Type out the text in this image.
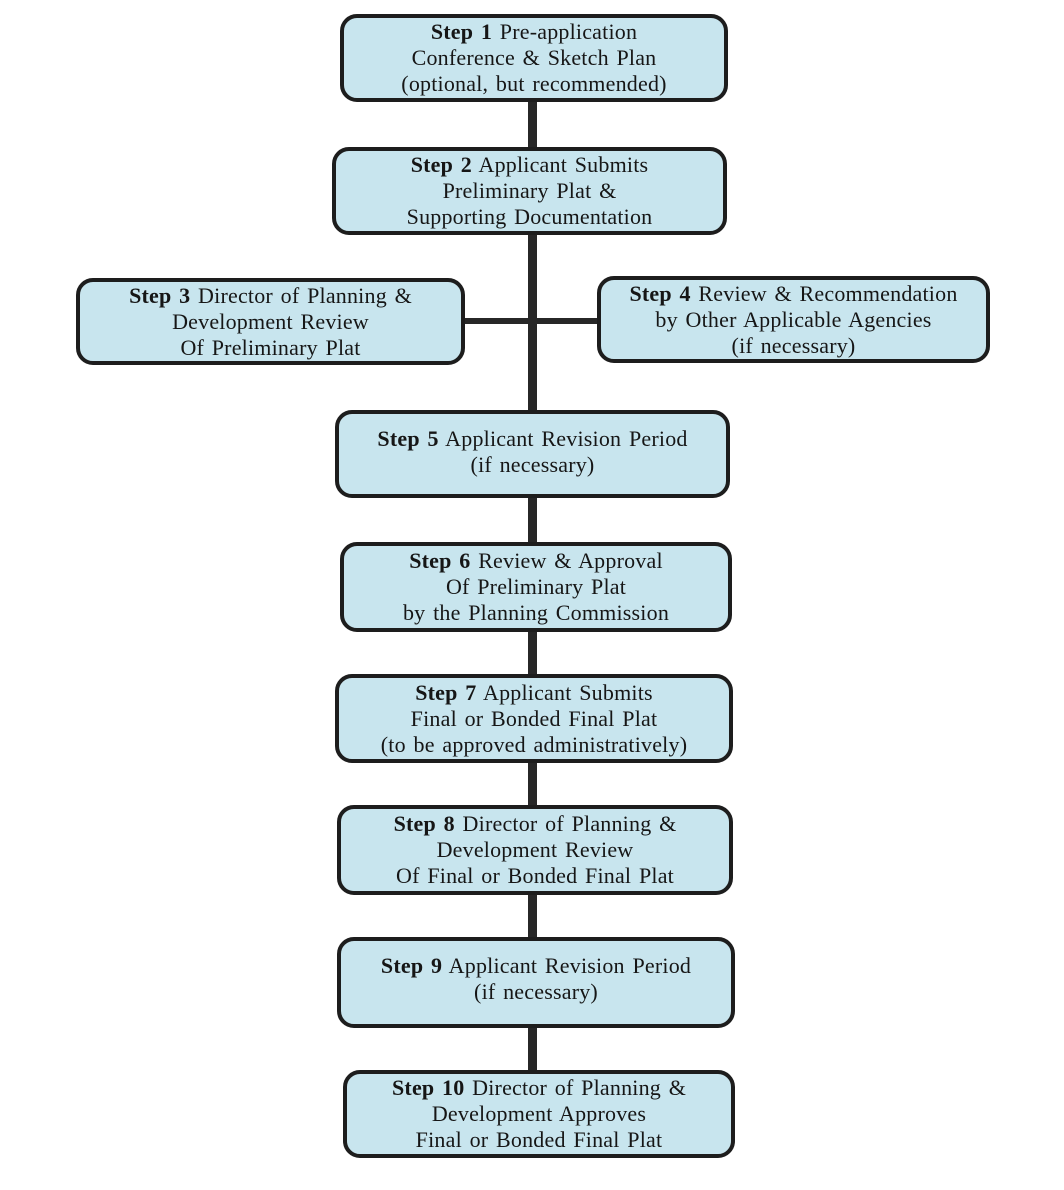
Step 1 Pre-application
Conference & Sketch Plan
(optional, but recommended)
Step 2 Applicant Submits
Preliminary Plat &
Supporting Documentation
Step 3 Director of Planning &
Development Review
Of Preliminary Plat
Step 4 Review & Recommendation
by Other Applicable Agencies
(if necessary)
Step 5 Applicant Revision Period
(if necessary)
Step 6 Review & Approval
Of Preliminary Plat
by the Planning Commission
Step 7 Applicant Submits
Final or Bonded Final Plat
(to be approved administratively)
Step 8 Director of Planning &
Development Review
Of Final or Bonded Final Plat
Step 9 Applicant Revision Period
(if necessary)
Step 10 Director of Planning &
Development Approves
Final or Bonded Final Plat
